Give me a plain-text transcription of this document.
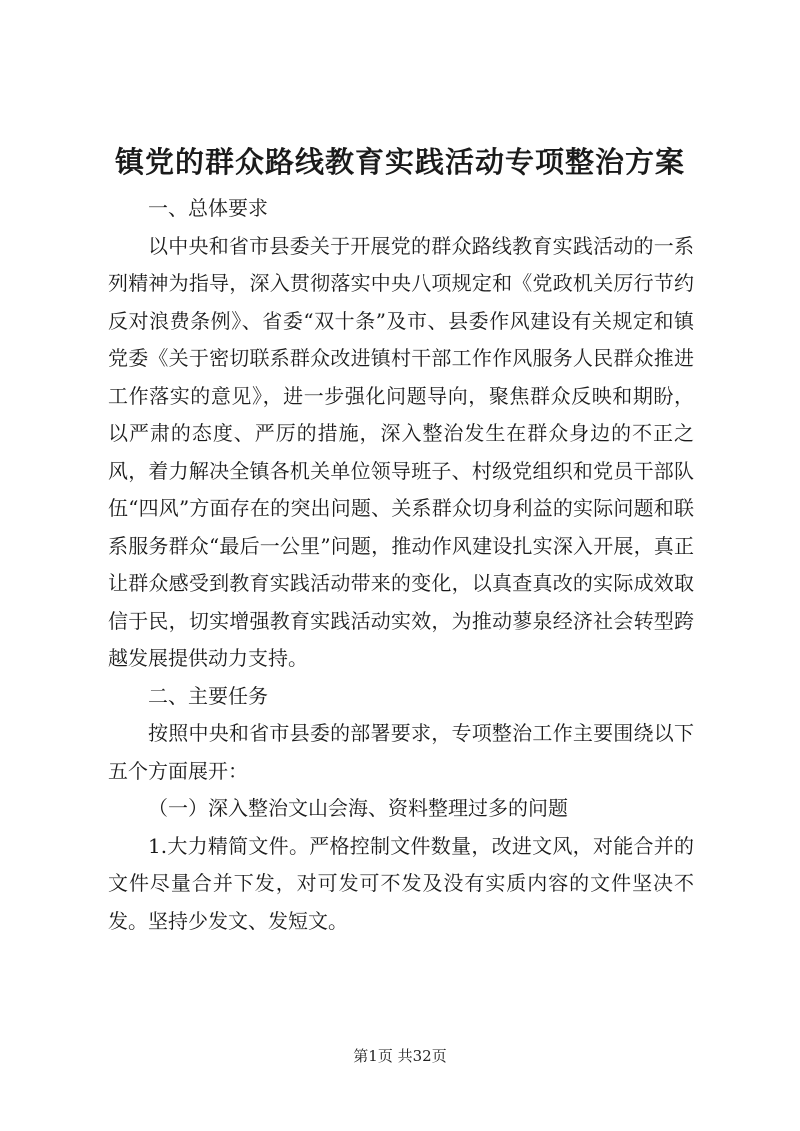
镇党的群众路线教育实践活动专项整治方案

一、总体要求

以中央和省市县委关于开展党的群众路线教育实践活动的一系列精神为指导，深入贯彻落实中央八项规定和《党政机关厉行节约反对浪费条例》、省委“双十条”及市、县委作风建设有关规定和镇党委《关于密切联系群众改进镇村干部工作作风服务人民群众推进工作落实的意见》，进一步强化问题导向，聚焦群众反映和期盼，以严肃的态度、严厉的措施，深入整治发生在群众身边的不正之风，着力解决全镇各机关单位领导班子、村级党组织和党员干部队伍“四风”方面存在的突出问题、关系群众切身利益的实际问题和联系服务群众“最后一公里”问题，推动作风建设扎实深入开展，真正让群众感受到教育实践活动带来的变化，以真查真改的实际成效取信于民，切实增强教育实践活动实效，为推动蓼泉经济社会转型跨越发展提供动力支持。

二、主要任务

按照中央和省市县委的部署要求，专项整治工作主要围绕以下五个方面展开：

（一）深入整治文山会海、资料整理过多的问题

1.大力精简文件。严格控制文件数量，改进文风，对能合并的文件尽量合并下发，对可发可不发及没有实质内容的文件坚决不发。坚持少发文、发短文。

第1页 共32页
